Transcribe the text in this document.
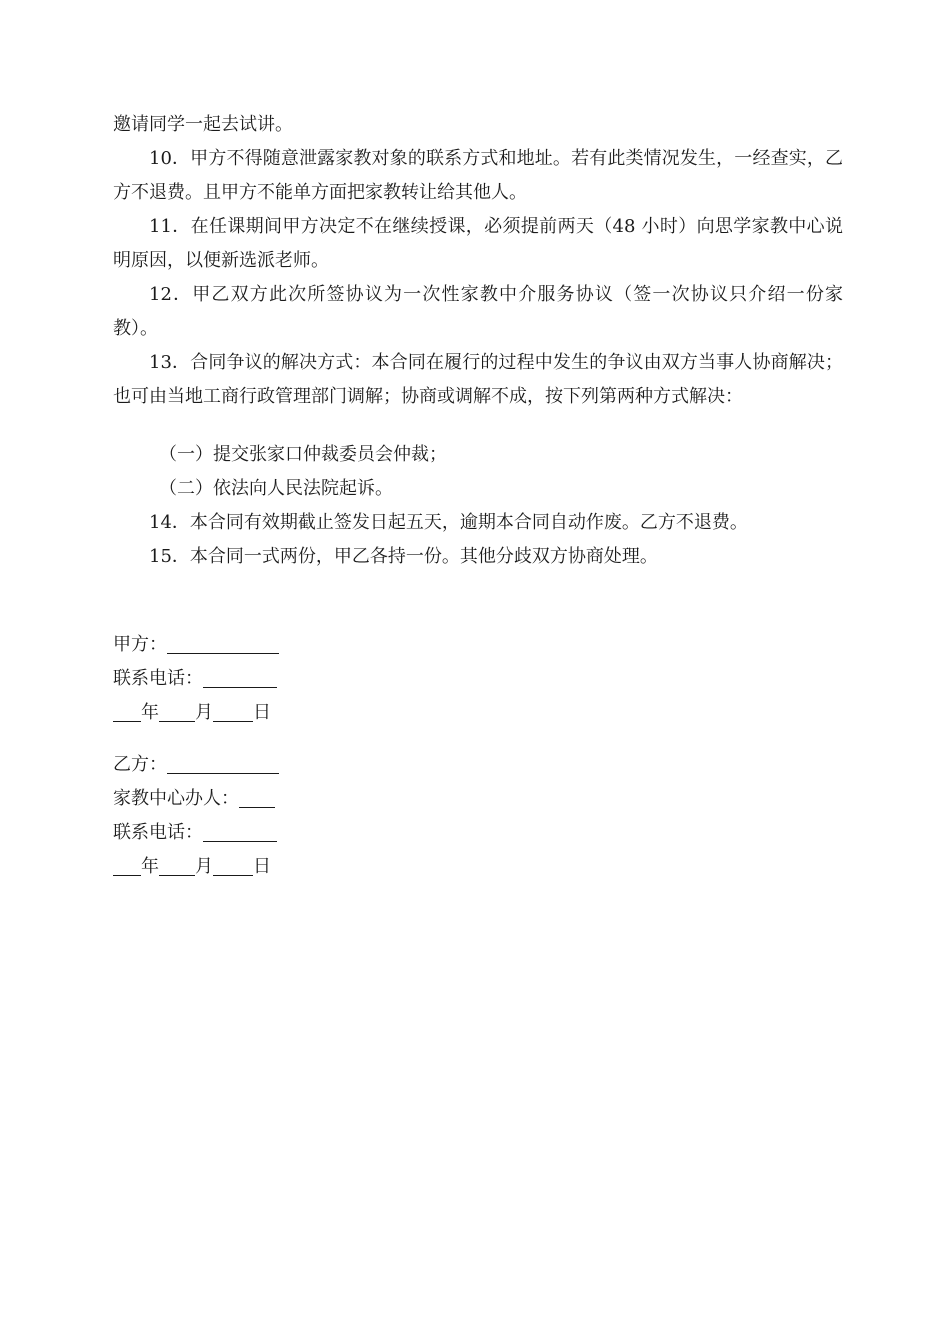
邀请同学一起去试讲。

10．甲方不得随意泄露家教对象的联系方式和地址。若有此类情况发生，一经查实，乙方不退费。且甲方不能单方面把家教转让给其他人。

11．在任课期间甲方决定不在继续授课，必须提前两天（48 小时）向思学家教中心说明原因，以便新选派老师。

12．甲乙双方此次所签协议为一次性家教中介服务协议（签一次协议只介绍一份家教）。

13．合同争议的解决方式：本合同在履行的过程中发生的争议由双方当事人协商解决；也可由当地工商行政管理部门调解；协商或调解不成，按下列第两种方式解决：

（一）提交张家口仲裁委员会仲裁；

（二）依法向人民法院起诉。

14．本合同有效期截止签发日起五天，逾期本合同自动作废。乙方不退费。

15．本合同一式两份，甲乙各持一份。其他分歧双方协商处理。

甲方：

联系电话：

年 月 日

乙方：

家教中心办人：

联系电话：

年 月 日
